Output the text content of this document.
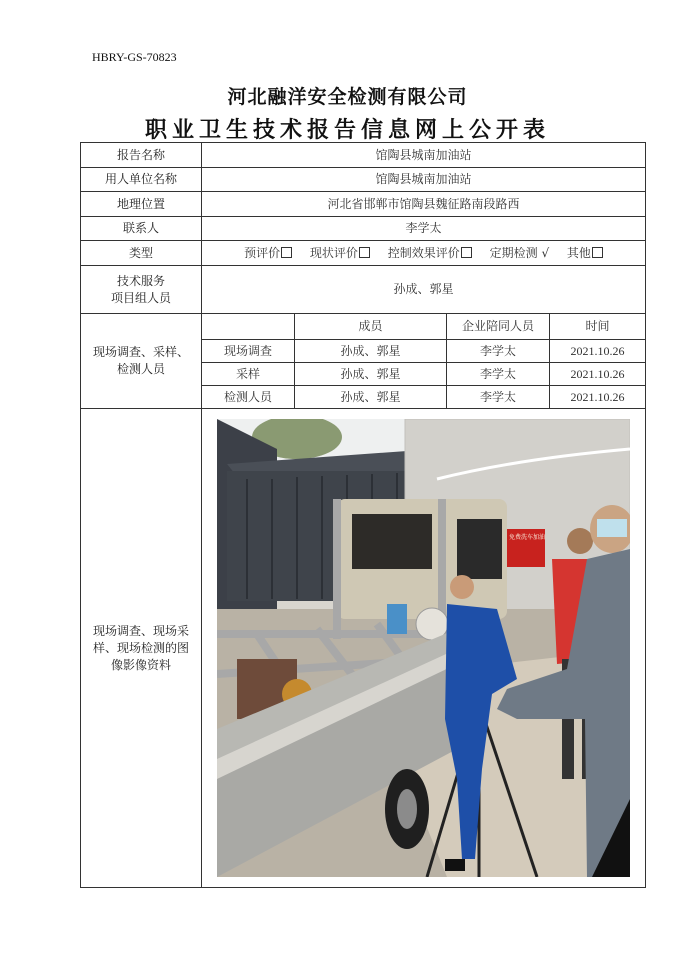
HBRY-GS-70823
河北融洋安全检测有限公司
职业卫生技术报告信息网上公开表
报告名称	馆陶县城南加油站			
用人单位名称	馆陶县城南加油站			
地理位置	河北省邯郸市馆陶县魏征路南段路西			
联系人	李学太			
类型	预评价 现状评价 控制效果评价 定期检测 √ 其他			

技术服务
项目组人员	孙成、郭星			

现场调查、采样、
检测人员		成员	企业陪同人员	时间
	现场调查	孙成、郭星	李学太	2021.10.26
	采样	孙成、郭星	李学太	2021.10.26
	检测人员	孙成、郭星	李学太	2021.10.26

现场调查、现场采
样、现场检测的图
像影像资料	免费洗车加油			
